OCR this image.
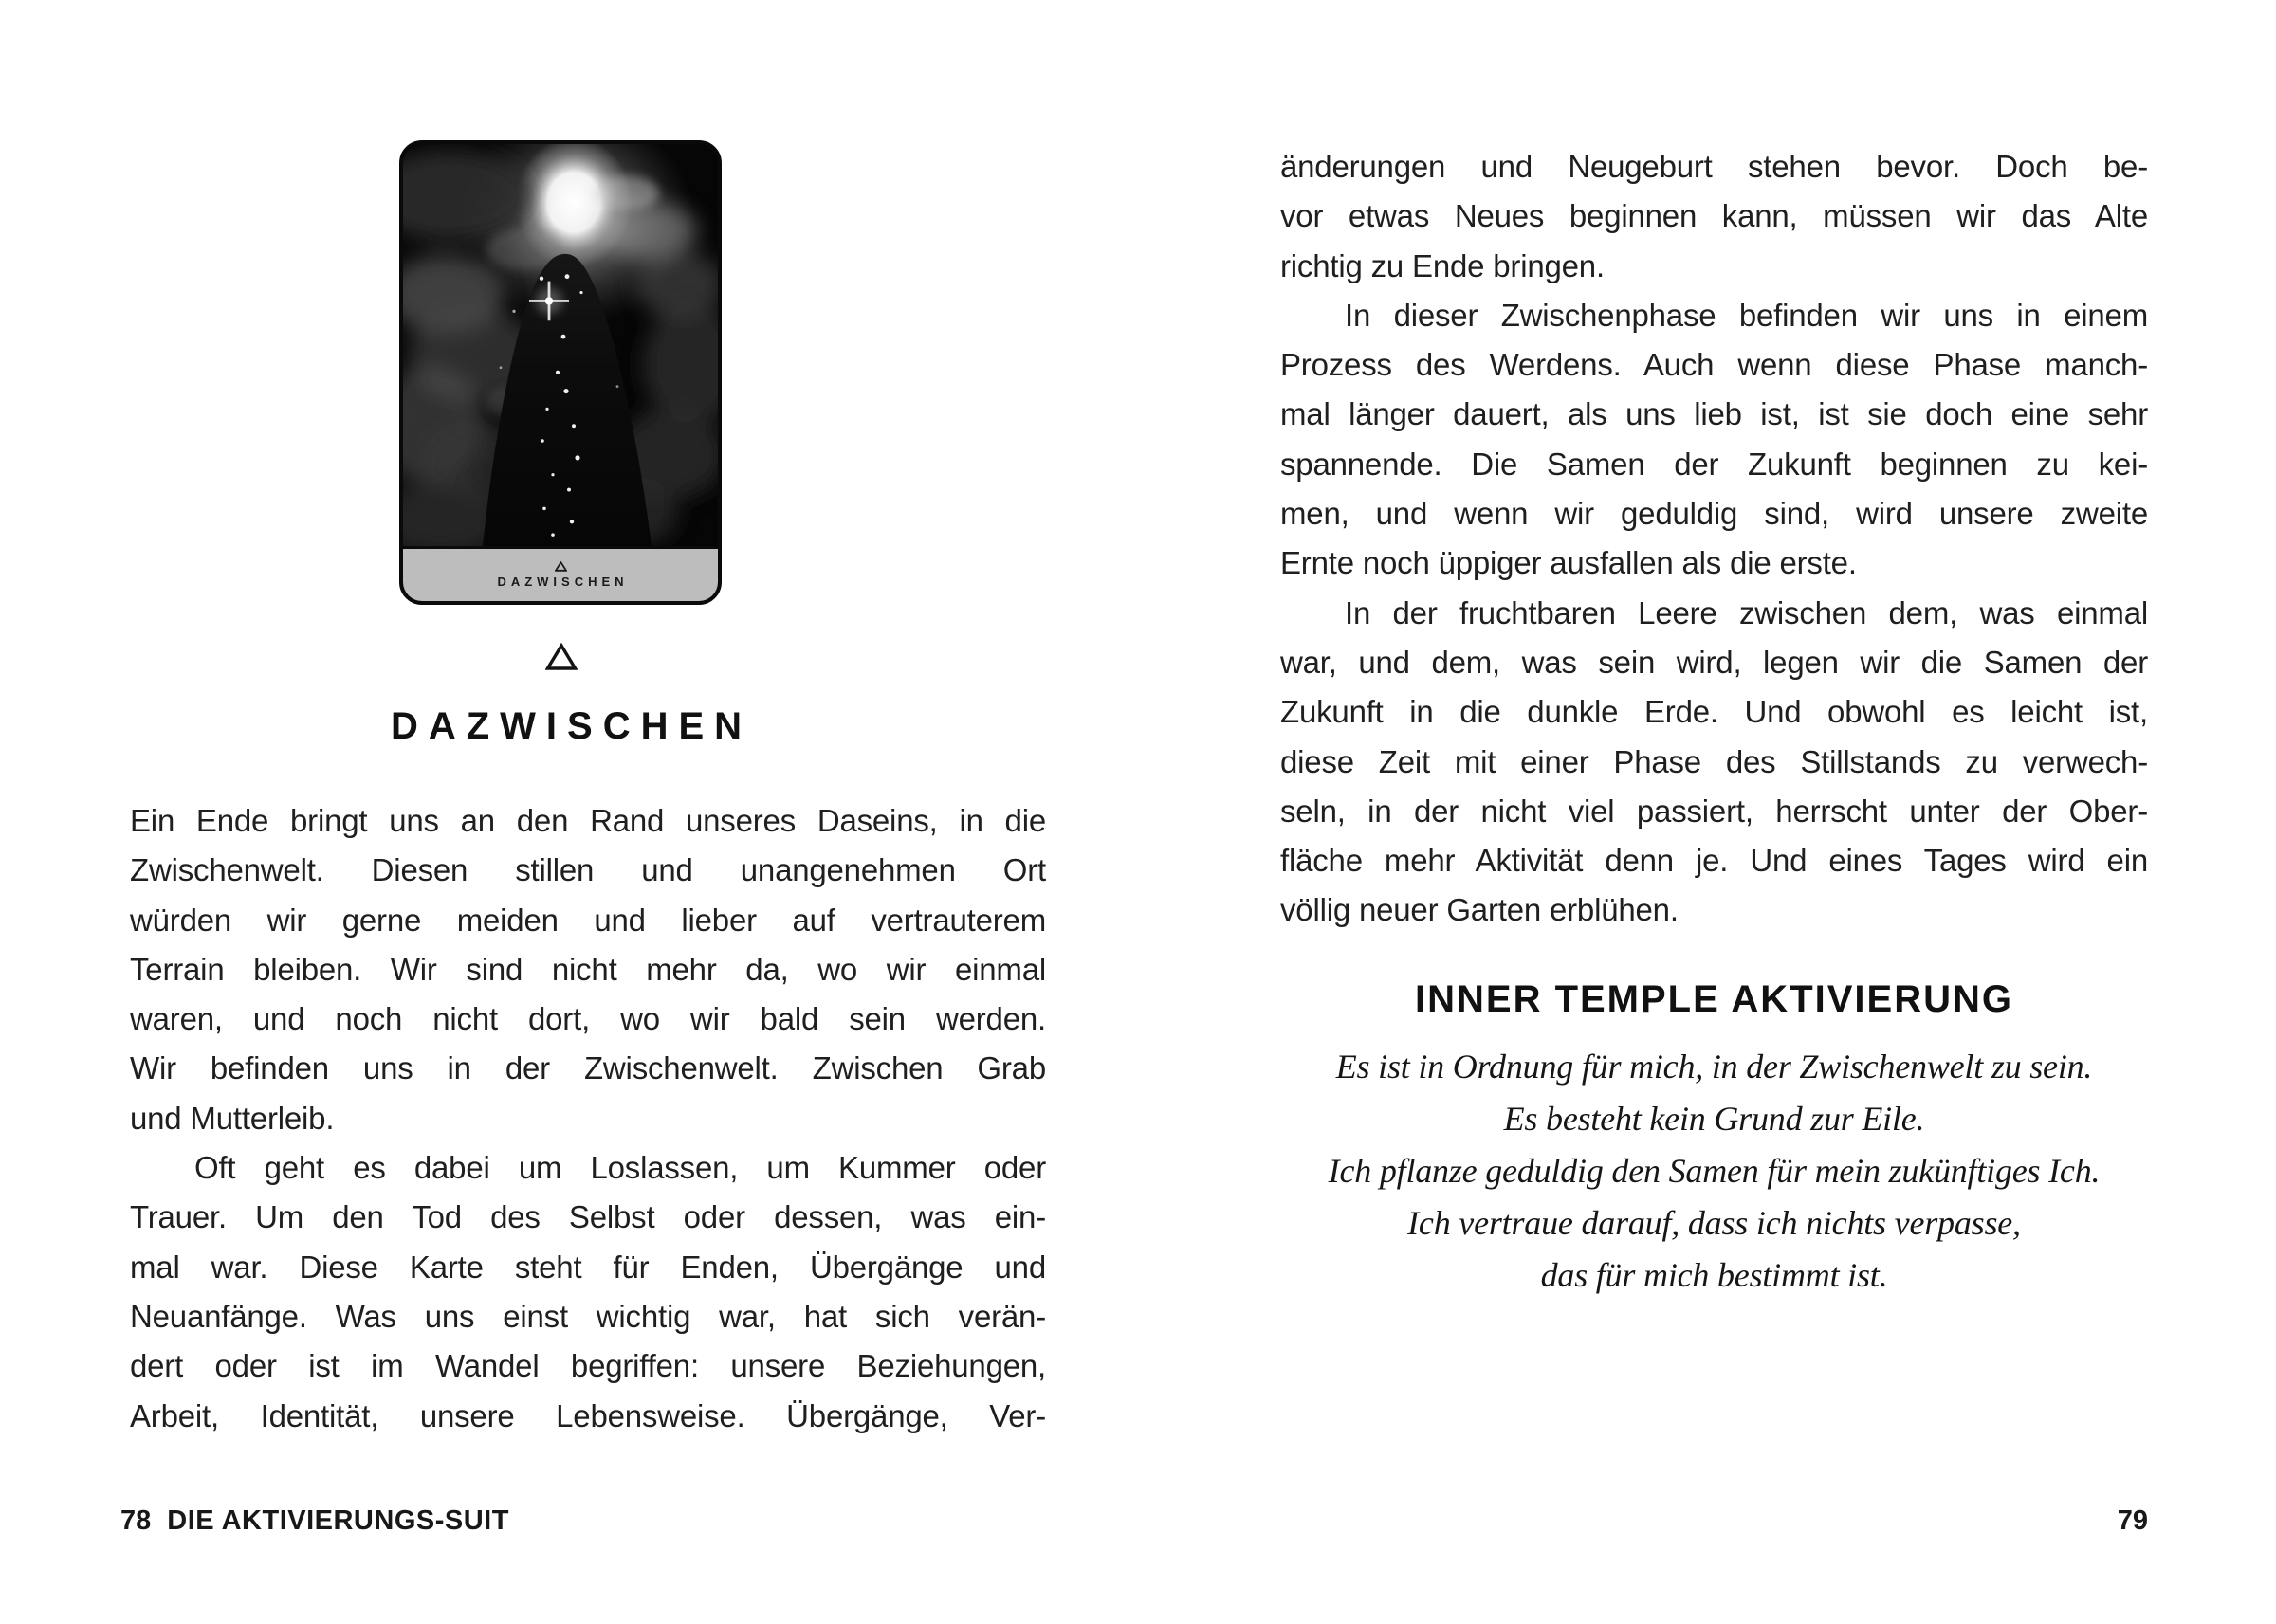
DAZWISCHEN
DAZWISCHEN
Ein Ende bringt uns an den Rand unseres Daseins, in die
Zwischenwelt. Diesen stillen und unangenehmen Ort
würden wir gerne meiden und lieber auf vertrauterem
Terrain bleiben. Wir sind nicht mehr da, wo wir einmal
waren, und noch nicht dort, wo wir bald sein werden.
Wir befinden uns in der Zwischenwelt. Zwischen Grab
und Mutterleib.
Oft geht es dabei um Loslassen, um Kummer oder
Trauer. Um den Tod des Selbst oder dessen, was ein-
mal war. Diese Karte steht für Enden, Übergänge und
Neuanfänge. Was uns einst wichtig war, hat sich verän-
dert oder ist im Wandel begriffen: unsere Beziehungen,
Arbeit, Identität, unsere Lebensweise. Übergänge, Ver-
78 DIE AKTIVIERUNGS-SUIT
änderungen und Neugeburt stehen bevor. Doch be-
vor etwas Neues beginnen kann, müssen wir das Alte
richtig zu Ende bringen.
In dieser Zwischenphase befinden wir uns in einem
Prozess des Werdens. Auch wenn diese Phase manch-
mal länger dauert, als uns lieb ist, ist sie doch eine sehr
spannende. Die Samen der Zukunft beginnen zu kei-
men, und wenn wir geduldig sind, wird unsere zweite
Ernte noch üppiger ausfallen als die erste.
In der fruchtbaren Leere zwischen dem, was einmal
war, und dem, was sein wird, legen wir die Samen der
Zukunft in die dunkle Erde. Und obwohl es leicht ist,
diese Zeit mit einer Phase des Stillstands zu verwech-
seln, in der nicht viel passiert, herrscht unter der Ober-
fläche mehr Aktivität denn je. Und eines Tages wird ein
völlig neuer Garten erblühen.
INNER TEMPLE AKTIVIERUNG
Es ist in Ordnung für mich, in der Zwischenwelt zu sein.
Es besteht kein Grund zur Eile.
Ich pflanze geduldig den Samen für mein zukünftiges Ich.
Ich vertraue darauf, dass ich nichts verpasse,
das für mich bestimmt ist.
79
